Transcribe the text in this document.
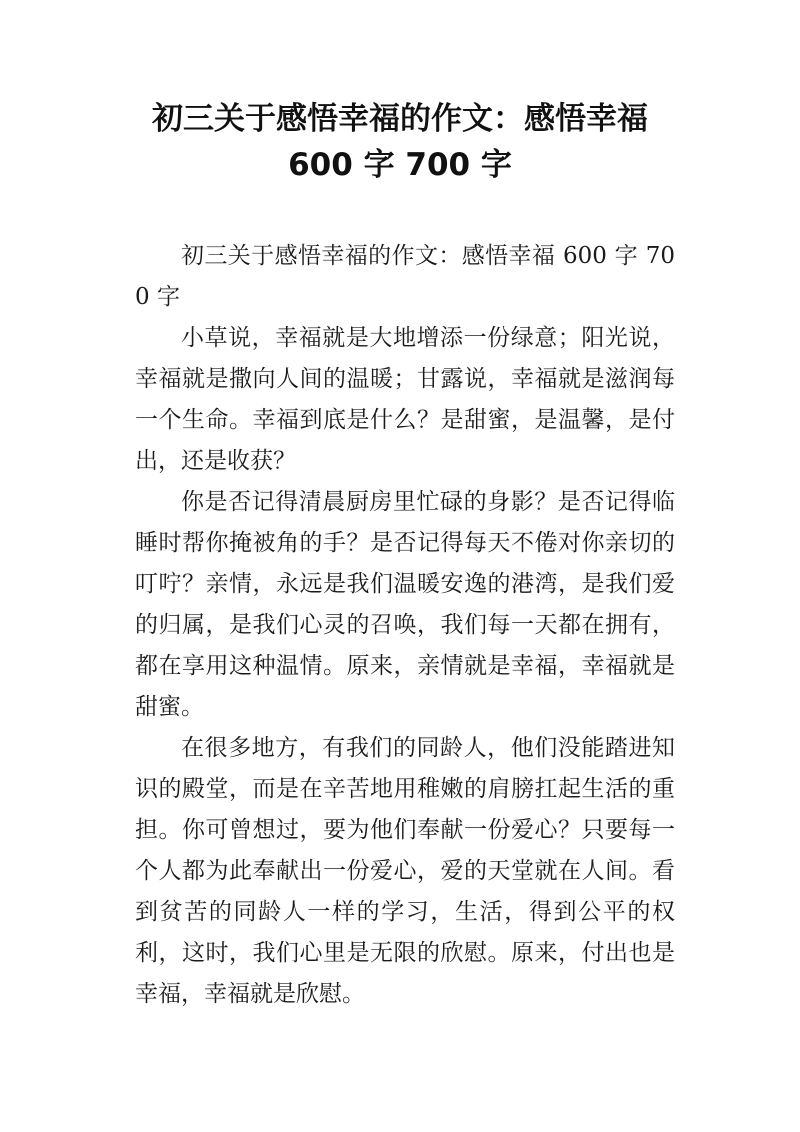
初三关于感悟幸福的作文：感悟幸福
600 字 700 字

初三关于感悟幸福的作文：感悟幸福 600 字 700 字

小草说，幸福就是大地增添一份绿意；阳光说，幸福就是撒向人间的温暖；甘露说，幸福就是滋润每一个生命。幸福到底是什么？是甜蜜，是温馨，是付出，还是收获？

你是否记得清晨厨房里忙碌的身影？是否记得临睡时帮你掩被角的手？是否记得每天不倦对你亲切的叮咛？亲情，永远是我们温暖安逸的港湾，是我们爱的归属，是我们心灵的召唤，我们每一天都在拥有，都在享用这种温情。原来，亲情就是幸福，幸福就是甜蜜。

在很多地方，有我们的同龄人，他们没能踏进知识的殿堂，而是在辛苦地用稚嫩的肩膀扛起生活的重担。你可曾想过，要为他们奉献一份爱心？只要每一个人都为此奉献出一份爱心，爱的天堂就在人间。看到贫苦的同龄人一样的学习，生活，得到公平的权利，这时，我们心里是无限的欣慰。原来，付出也是幸福，幸福就是欣慰。
